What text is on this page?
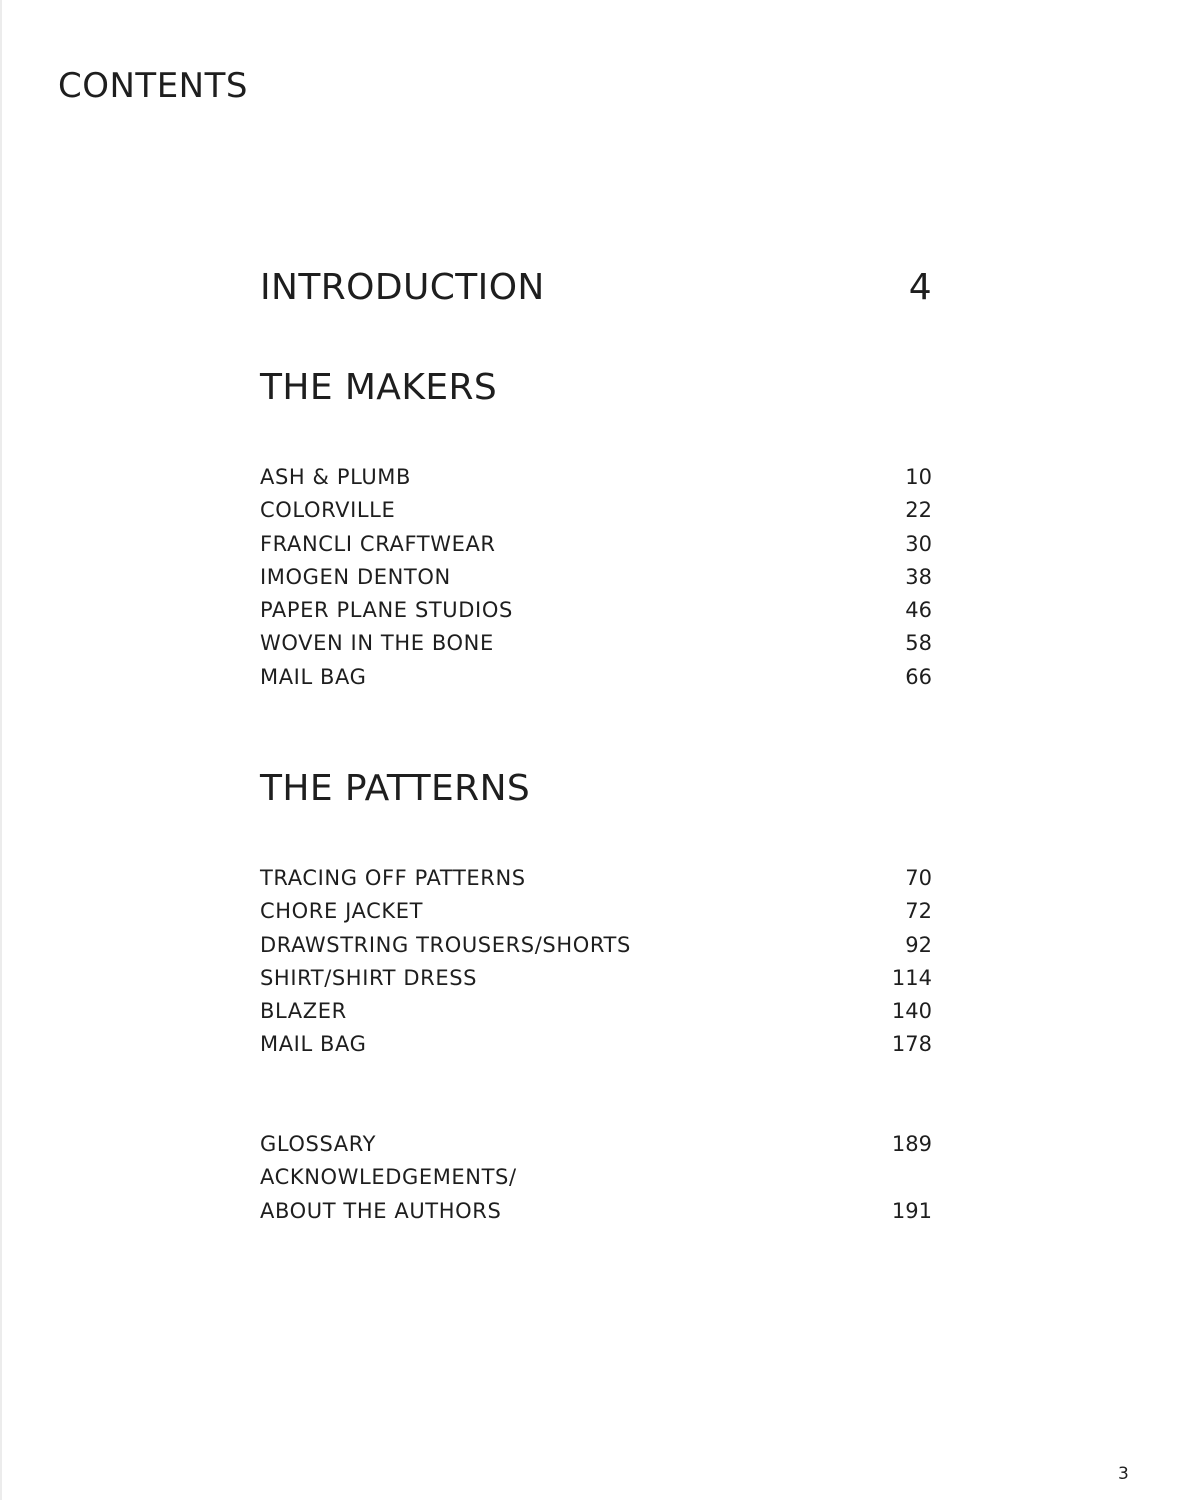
CONTENTS
INTRODUCTION	4
THE MAKERS
ASH & PLUMB	10
COLORVILLE	22
FRANCLI CRAFTWEAR	30
IMOGEN DENTON	38
PAPER PLANE STUDIOS	46
WOVEN IN THE BONE	58
MAIL BAG	66
THE PATTERNS
TRACING OFF PATTERNS	70
CHORE JACKET	72
DRAWSTRING TROUSERS/SHORTS	92
SHIRT/SHIRT DRESS	114
BLAZER	140
MAIL BAG	178
GLOSSARY	189
ACKNOWLEDGEMENTS/
ABOUT THE AUTHORS	191
3
